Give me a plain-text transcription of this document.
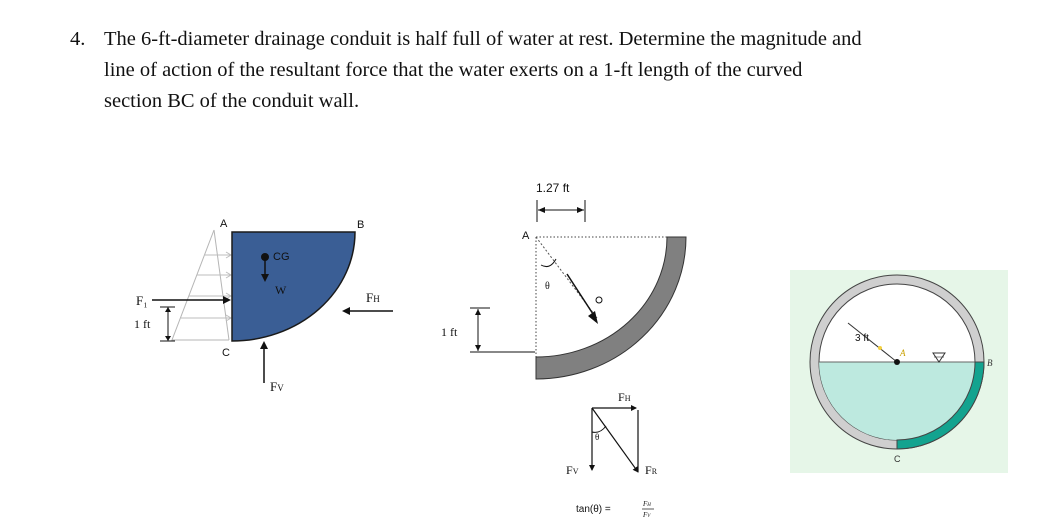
4. The 6-ft-diameter drainage conduit is half full of water at rest. Determine the magnitude and
line of action of the resultant force that the water exerts on a 1-ft length of the curved
section BC of the conduit wall.
CG
W
A	B
C
F₁
1 ft
FH
FV
1.27 ft
A
θ
1 ft
θ
FH
FV	FR
tan(θ) =	FH
FV
3 ft
A
B
C
